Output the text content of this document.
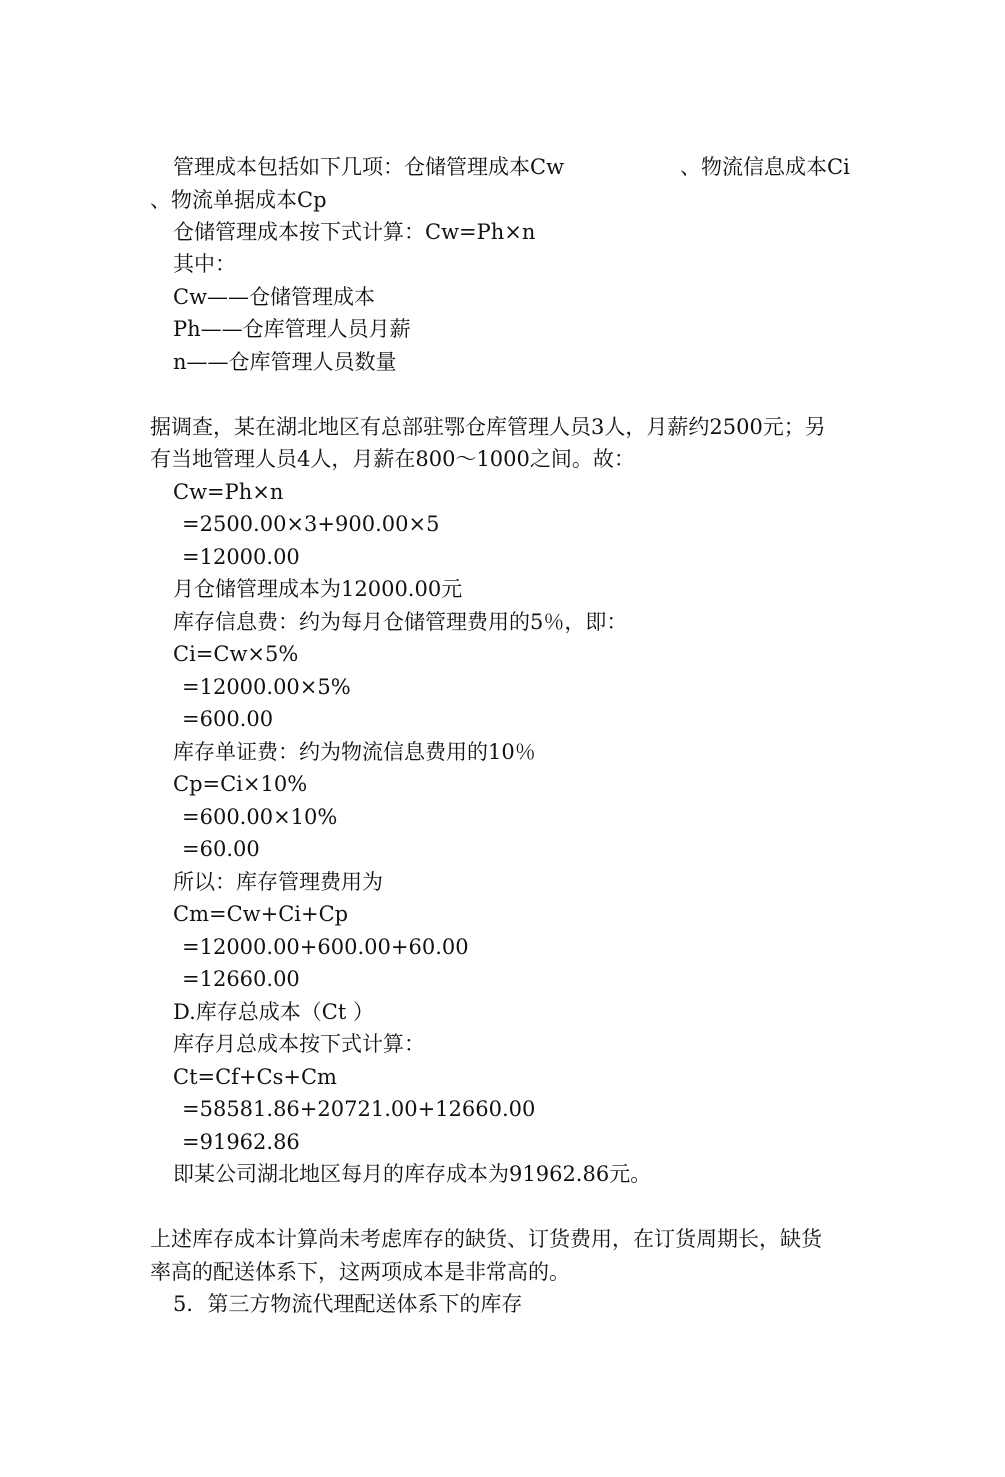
管理成本包括如下几项：仓储管理成本Cw	、物流信息成本Ci
、物流单据成本Cp
仓储管理成本按下式计算：Cw=Ph×n
其中：
Cw——仓储管理成本
Ph——仓库管理人员月薪
n——仓库管理人员数量
据调查，某在湖北地区有总部驻鄂仓库管理人员3人，月薪约2500元；另
有当地管理人员4人，月薪在800～1000之间。故：
Cw=Ph×n
=2500.00×3+900.00×5
=12000.00
月仓储管理成本为12000.00元
库存信息费：约为每月仓储管理费用的5％，即：
Ci=Cw×5%
=12000.00×5%
=600.00
库存单证费：约为物流信息费用的10％
Cp=Ci×10%
=600.00×10%
=60.00
所以：库存管理费用为
Cm=Cw+Ci+Cp
=12000.00+600.00+60.00
=12660.00
D.库存总成本（Ct ）
库存月总成本按下式计算：
Ct=Cf+Cs+Cm
=58581.86+20721.00+12660.00
=91962.86
即某公司湖北地区每月的库存成本为91962.86元。
上述库存成本计算尚未考虑库存的缺货、订货费用，在订货周期长，缺货
率高的配送体系下，这两项成本是非常高的。
5．第三方物流代理配送体系下的库存
